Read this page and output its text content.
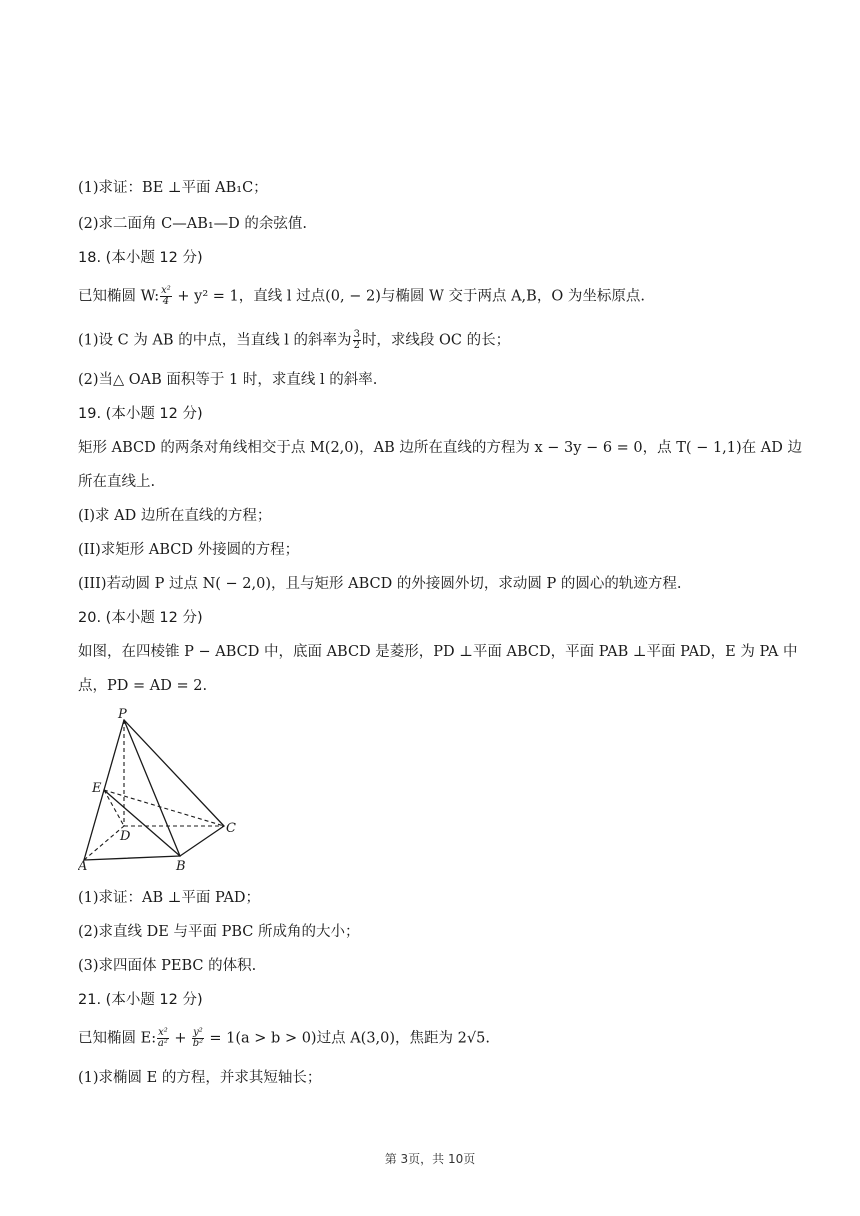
(1)求证：BE ⊥平面 AB₁C；
(2)求二面角 C—AB₁—D 的余弦值.
18. (本小题 12 分)
已知椭圆 W: $\frac{\text{x²}}{4} + y^2 = 1$，直线 l 过点(0, − 2)与椭圆 W 交于两点 A,B，O 为坐标原点.
(1)设 C 为 AB 的中点，当直线 l 的斜率为 $\frac{3}{2}$ 时，求线段 OC 的长；
(2)当△ OAB 面积等于 1 时，求直线 l 的斜率.
19. (本小题 12 分)
矩形 ABCD 的两条对角线相交于点 M(2,0)，AB 边所在直线的方程为 x − 3y − 6 = 0，点 T( − 1,1)在 AD 边
所在直线上.
(I)求 AD 边所在直线的方程；
(II)求矩形 ABCD 外接圆的方程；
(III)若动圆 P 过点 N( − 2,0)，且与矩形 ABCD 的外接圆外切，求动圆 P 的圆心的轨迹方程.
20. (本小题 12 分)
如图，在四棱锥 P − ABCD 中，底面 ABCD 是菱形，PD ⊥平面 ABCD，平面 PAB ⊥平面 PAD，E 为 PA 中
点，PD = AD = 2.
P
E
D
C
A	B
(1)求证：AB ⊥平面 PAD；
(2)求直线 DE 与平面 PBC 所成角的大小；
(3)求四面体 PEBC 的体积.
21. (本小题 12 分)
已知椭圆 E: $\frac{\text{x²}}{\text{a²}} + \frac{\text{y²}}{\text{b²}} = 1(a > b > 0)$过点 A(3,0)，焦距为 2√5.
(1)求椭圆 E 的方程，并求其短轴长；
第 3页，共 10页
